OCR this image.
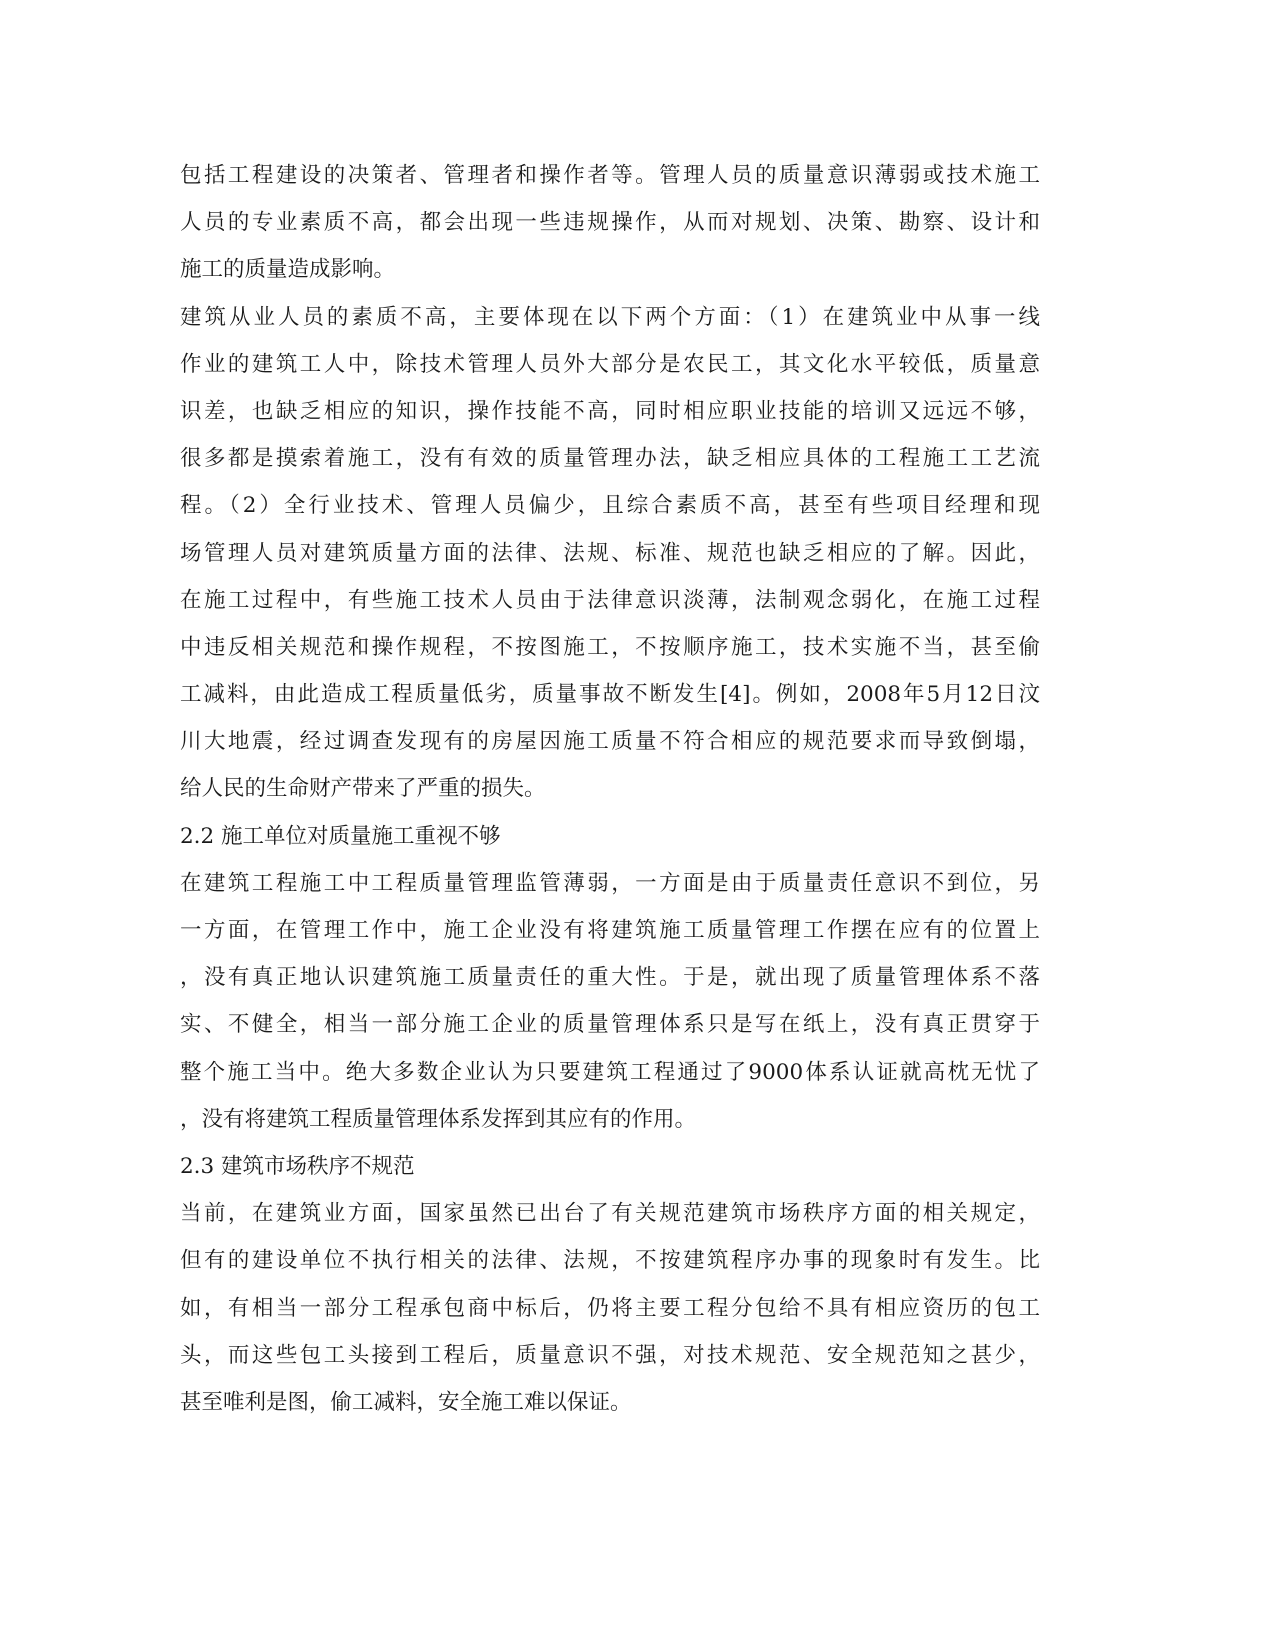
包括工程建设的决策者、管理者和操作者等。管理人员的质量意识薄弱或技术施工
人员的专业素质不高，都会出现一些违规操作，从而对规划、决策、勘察、设计和
施工的质量造成影响。
建筑从业人员的素质不高，主要体现在以下两个方面：（1）在建筑业中从事一线
作业的建筑工人中，除技术管理人员外大部分是农民工，其文化水平较低，质量意
识差，也缺乏相应的知识，操作技能不高，同时相应职业技能的培训又远远不够，
很多都是摸索着施工，没有有效的质量管理办法，缺乏相应具体的工程施工工艺流
程。（2）全行业技术、管理人员偏少，且综合素质不高，甚至有些项目经理和现
场管理人员对建筑质量方面的法律、法规、标准、规范也缺乏相应的了解。因此，
在施工过程中，有些施工技术人员由于法律意识淡薄，法制观念弱化，在施工过程
中违反相关规范和操作规程，不按图施工，不按顺序施工，技术实施不当，甚至偷
工减料，由此造成工程质量低劣，质量事故不断发生[4]。例如，2008年5月12日汶
川大地震，经过调查发现有的房屋因施工质量不符合相应的规范要求而导致倒塌，
给人民的生命财产带来了严重的损失。
2.2 施工单位对质量施工重视不够
在建筑工程施工中工程质量管理监管薄弱，一方面是由于质量责任意识不到位，另
一方面，在管理工作中，施工企业没有将建筑施工质量管理工作摆在应有的位置上
，没有真正地认识建筑施工质量责任的重大性。于是，就出现了质量管理体系不落
实、不健全，相当一部分施工企业的质量管理体系只是写在纸上，没有真正贯穿于
整个施工当中。绝大多数企业认为只要建筑工程通过了9000体系认证就高枕无忧了
，没有将建筑工程质量管理体系发挥到其应有的作用。
2.3 建筑市场秩序不规范
当前，在建筑业方面，国家虽然已出台了有关规范建筑市场秩序方面的相关规定，
但有的建设单位不执行相关的法律、法规，不按建筑程序办事的现象时有发生。比
如，有相当一部分工程承包商中标后，仍将主要工程分包给不具有相应资历的包工
头，而这些包工头接到工程后，质量意识不强，对技术规范、安全规范知之甚少，
甚至唯利是图，偷工减料，安全施工难以保证。
